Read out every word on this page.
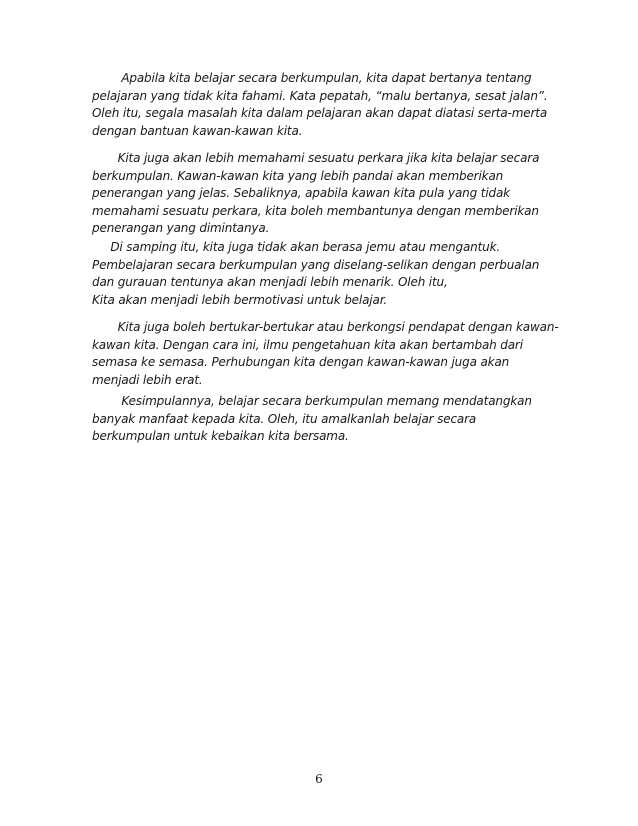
Apabila kita belajar secara berkumpulan, kita dapat bertanya tentang
pelajaran yang tidak kita fahami. Kata pepatah, “malu bertanya, sesat jalan”.
Oleh itu, segala masalah kita dalam pelajaran akan dapat diatasi serta-merta
dengan bantuan kawan-kawan kita.

Kita juga akan lebih memahami sesuatu perkara jika kita belajar secara
berkumpulan. Kawan-kawan kita yang lebih pandai akan memberikan
penerangan yang jelas. Sebaliknya, apabila kawan kita pula yang tidak
memahami sesuatu perkara, kita boleh membantunya dengan memberikan
penerangan yang dimintanya.

Di samping itu, kita juga tidak akan berasa jemu atau mengantuk.
Pembelajaran secara berkumpulan yang diselang-selikan dengan perbualan
dan gurauan tentunya akan menjadi lebih menarik. Oleh itu,
Kita akan menjadi lebih bermotivasi untuk belajar.

Kita juga boleh bertukar-bertukar atau berkongsi pendapat dengan kawan-
kawan kita. Dengan cara ini, ilmu pengetahuan kita akan bertambah dari
semasa ke semasa. Perhubungan kita dengan kawan-kawan juga akan
menjadi lebih erat.

Kesimpulannya, belajar secara berkumpulan memang mendatangkan
banyak manfaat kepada kita. Oleh, itu amalkanlah belajar secara
berkumpulan untuk kebaikan kita bersama.

6
